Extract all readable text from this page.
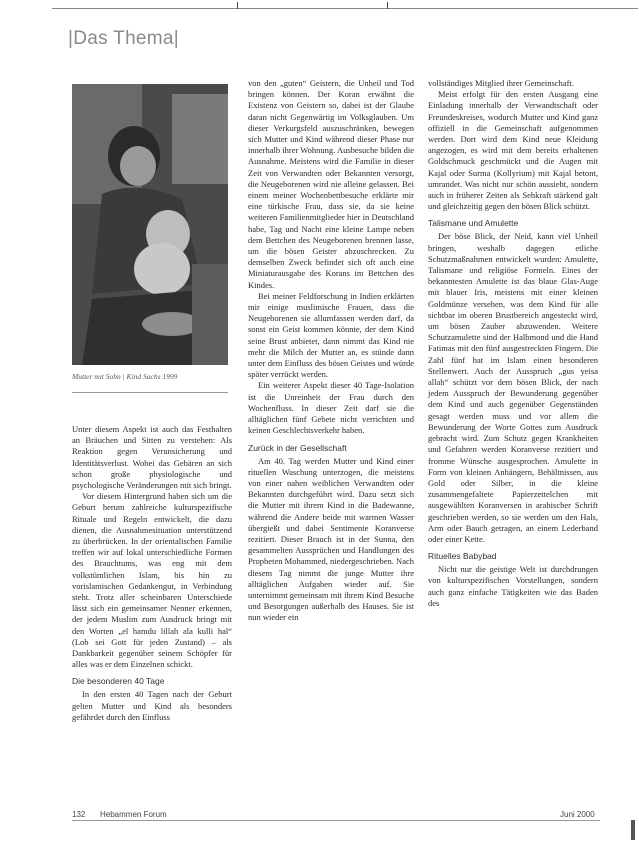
|Das Thema|
Mutter mit Sohn | Kind Sachs 1999

Unter diesem Aspekt ist auch das Festhalten an Bräuchen und Sitten zu verstehen: Als Reaktion gegen Verunsicherung und Identitätsverlust. Wobei das Gebären an sich schon große physiologische und psychologische Veränderungen mit sich bringt.

Vor diesem Hintergrund haben sich um die Geburt herum zahlreiche kulturspezifische Rituale und Regeln entwickelt, die dazu dienen, die Ausnahmesituation unterstützend zu überbrücken. In der orientalischen Familie treffen wir auf lokal unterschiedliche Formen des Brauchtums, was eng mit dem volkstümlichen Islam, bis hin zu vorislamischen Gedankengut, in Verbindung steht. Trotz aller scheinbaren Unterschiede lässt sich ein gemeinsamer Nenner erkennen, der jedem Muslim zum Ausdruck bringt mit den Worten „el hamdu lillah ala kulli hal“ (Lob sei Gott für jeden Zustand) – als Dankbarkeit gegenüber seinem Schöpfer für alles was er dem Einzelnen schickt.

Die besonderen 40 Tage

In den ersten 40 Tagen nach der Geburt gelten Mutter und Kind als besonders gefährdet durch den Einfluss

von den „guten“ Geistern, die Unheil und Tod bringen können. Der Koran erwähnt die Existenz von Geistern so, dabei ist der Glaube daran nicht Gegenwärtig im Volksglauben. Um dieser Verkurgsfeld auszuschränken, bewegen sich Mutter und Kind während dieser Phase nur innerhalb ihrer Wohnung. Ausbesuche bilden die Ausnahme. Meistens wird die Familie in dieser Zeit von Verwandten oder Bekannten versorgt, die Neugeborenen wird nie alleine gelassen. Bei einem meiner Wochenbettbesuche erklärte mir eine türkische Frau, dass sie, da sie keine weiteren Familienmitglieder hier in Deutschland habe, Tag und Nacht eine kleine Lampe neben dem Bettchen des Neugeborenen brennen lasse, um die bösen Geister abzuschrecken. Zu demselben Zweck befindet sich oft auch eine Miniaturausgabe des Korans im Bettchen des Kindes.

Bei meiner Feldforschung in Indien erklärten mir einige muslimische Frauen, dass die Neugeborenen sie allumfassen werden darf, da sonst ein Geist kommen könnte, der dem Kind seine Brust anbietet, dann nimmt das Kind nie mehr die Milch der Mutter an, es stünde dann unter dem Einfluss des bösen Geistes und würde später verrückt werden.

Ein weiterer Aspekt dieser 40 Tage-Isolation ist die Unreinheit der Frau durch den Wochenfluss. In dieser Zeit darf sie die alltäglichen fünf Gebete nicht verrichten und keinen Geschlechtsverkehr haben.

Zurück in der Gesellschaft

Am 40. Tag werden Mutter und Kind einer rituellen Waschung unterzogen, die meistens von einer nahen weiblichen Verwandten oder Bekannten durchgeführt wird. Dazu setzt sich die Mutter mit ihrem Kind in die Badewanne, während die Andere beide mit warmen Wasser übergießt und dabei Sentimente Koranverse rezitiert. Dieser Brauch ist in der Sunna, den gesammelten Aussprüchen und Handlungen des Propheten Mohammed, niedergeschrieben. Nach diesem Tag nimmt die junge Mutter ihre alltäglichen Aufgaben wieder auf. Sie unternimmt gemeinsam mit ihrem Kind Besuche und Besorgungen außerhalb des Hauses. Sie ist nun wieder ein

vollständiges Mitglied ihrer Gemeinschaft.

Meist erfolgt für den ersten Ausgang eine Einladung innerhalb der Verwandtschaft oder Freundeskreises, wodurch Mutter und Kind ganz offiziell in die Gemeinschaft aufgenommen werden. Dort wird dem Kind neue Kleidung angezogen, es wird mit dem bereits erhaltenen Goldschmuck geschmückt und die Augen mit Kajal oder Surma (Kollyrium) mit Kajal betont, umrandet. Was nicht nur schön aussieht, sondern auch in früherer Zeiten als Sehkraft stärkend galt und gleichzeitig gegen den bösen Blick schützt.

Talismane und Amulette

Der böse Blick, der Neid, kann viel Unheil bringen, weshalb dagegen etliche Schutzmaßnahmen entwickelt wurden: Amulette, Talismane und religiöse Formeln. Eines der bekanntesten Amulette ist das blaue Glas-Auge mit blauer Iris, meistens mit einer kleinen Goldmünze versehen, was dem Kind für alle sichtbar im oberen Brustbereich angesteckt wird, um bösen Zauber abzuwenden. Weitere Schutzamulette sind der Halbmond und die Hand Fatimas mit den fünf ausgestreckten Fingern. Die Zahl fünf hat im Islam einen besonderen Stellenwert. Auch der Ausspruch „gus yeisa allah“ schützt vor dem bösen Blick, der nach jedem Ausspruch der Bewunderung gegenüber dem Kind und auch gegenüber Gegenständen gesagt werden muss und vor allem die Bewunderung der Worte Gottes zum Ausdruck gebracht wird. Zum Schutz gegen Krankheiten und Gefahren werden Koranverse rezitiert und fromme Wünsche ausgesprochen. Amulette in Form von kleinen Anhängern, Behältnissen, aus Gold oder Silber, in die kleine zusammengefaltete Papierzettelchen mit ausgewählten Koranversen in arabischer Schrift geschrieben werden, so sie werden um den Hals, Arm oder Bauch getragen, an einem Lederband oder einer Kette.

Rituelles Babybad

Nicht nur die geistige Welt ist durchdrungen von kulturspezifischen Vorstellungen, sondern auch ganz einfache Tätigkeiten wie das Baden des

132 Hebammen Forum	Juni 2000
